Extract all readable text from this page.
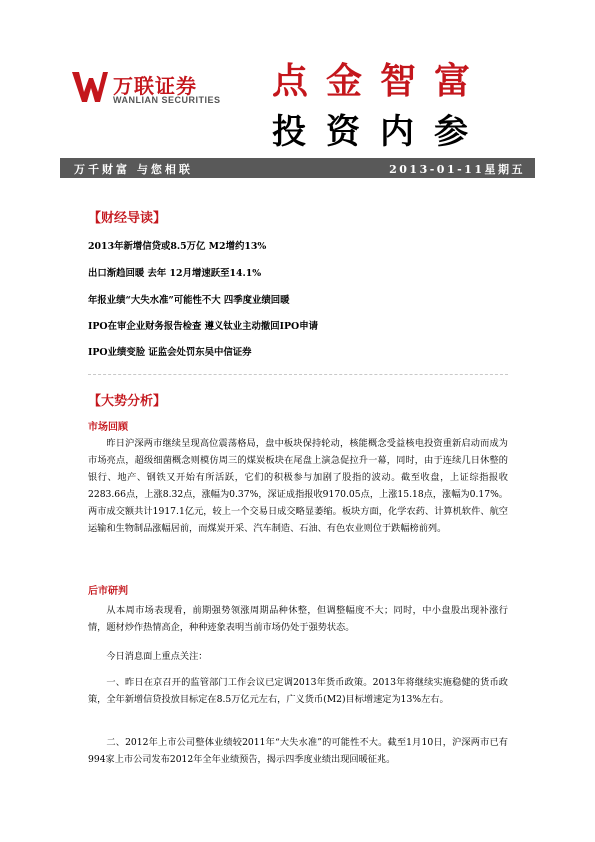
万联证券
WANLIAN SECURITIES 点金智富
投资内参
万千财富 与您相联	2013-01-11星期五
【财经导读】
2013年新增信贷或8.5万亿 M2增约13%
出口渐趋回暖 去年 12月增速跃至14.1%
年报业绩“大失水准”可能性不大 四季度业绩回暖
IPO在审企业财务报告检查 遵义钛业主动撤回IPO申请
IPO业绩变脸 证监会处罚东吴中信证券
【大势分析】
市场回顾
昨日沪深两市继续呈现高位震荡格局，盘中板块保持轮动，核能概念受益核电投资重新启动而成为市场亮点，超级细菌概念则模仿周三的煤炭板块在尾盘上演急促拉升一幕，同时，由于连续几日休整的银行、地产、钢铁又开始有所活跃，它们的积极参与加剧了股指的波动。截至收盘，上证综指报收2283.66点，上涨8.32点，涨幅为0.37%，深证成指报收9170.05点，上涨15.18点，涨幅为0.17%。两市成交额共计1917.1亿元，较上一个交易日成交略显萎缩。板块方面，化学农药、计算机软件、航空运输和生物制品涨幅居前，而煤炭开采、汽车制造、石油、有色农业则位于跌幅榜前列。
后市研判
从本周市场表现看，前期强势领涨周期品种休整，但调整幅度不大；同时，中小盘股出现补涨行情，题材炒作热情高企，种种迹象表明当前市场仍处于强势状态。
今日消息面上重点关注：
一、昨日在京召开的监管部门工作会议已定调2013年货币政策。2013年将继续实施稳健的货币政策，全年新增信贷投放目标定在8.5万亿元左右，广义货币(M2)目标增速定为13%左右。
二、2012年上市公司整体业绩较2011年“大失水准”的可能性不大。截至1月10日，沪深两市已有994家上市公司发布2012年全年业绩预告，揭示四季度业绩出现回暖征兆。
